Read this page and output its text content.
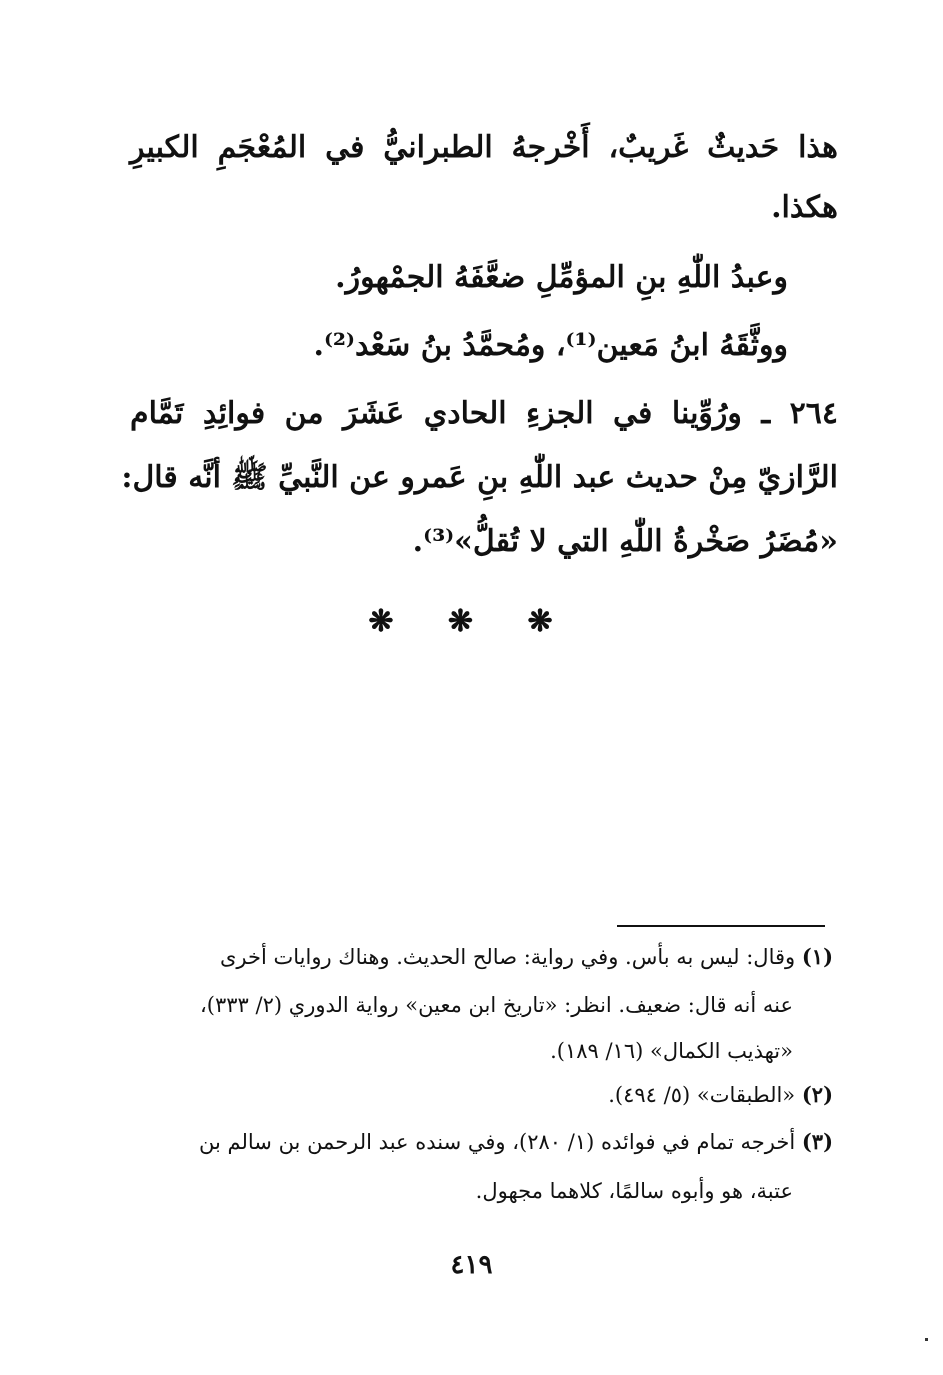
هذا حَديثٌ غَريبٌ، أَخْرجهُ الطبرانيُّ في المُعْجَمِ الكبيرِ
هكذا.
وعبدُ اللّٰهِ بنِ المؤمِّلِ ضعَّفَهُ الجمْهورُ.
ووثَّقَهُ ابنُ مَعين⁽¹⁾، ومُحمَّدُ بنُ سَعْد⁽²⁾.
٢٦٤ ـ ورُوِّينا في الجزءِ الحادي عَشَرَ من فوائِدِ تَمَّام
الرَّازيّ مِنْ حديث عبد اللّٰهِ بنِ عَمرو عن النَّبيِّ ﷺ أنَّه قال:
«مُضَرُ صَخْرةُ اللّٰهِ التي لا تُقلُّ»⁽³⁾.
❋ ❋ ❋
(١) وقال: ليس به بأس. وفي رواية: صالح الحديث. وهناك روايات أخرى
عنه أنه قال: ضعيف. انظر: «تاريخ ابن معين» رواية الدوري (٢/ ٣٣٣)،
«تهذيب الكمال» (١٦/ ١٨٩).
(٢) «الطبقات» (٥/ ٤٩٤).
(٣) أخرجه تمام في فوائده (١/ ٢٨٠)، وفي سنده عبد الرحمن بن سالم بن
عتبة، هو وأبوه سالمًا، كلاهما مجهول.
٤١٩
